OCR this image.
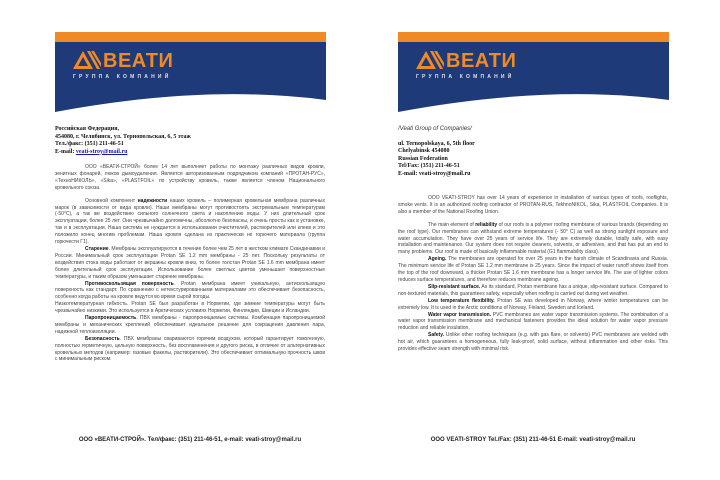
ВЕАТИ
ГРУППА КОМПАНИЙ
Российская Федерация,
454080, г. Челябинск, ул. Тернопольская, 6, 5 этаж
Тел./факс: (351) 211-46-51
E-mail: veati-stroy@mail.ru

ООО «ВЕАТИ-СТРОЙ» более 14 лет выполняет работы по монтажу различных видов кровли, зенитных фонарей, люков дымоудаления. Является авторизованным подрядчиком компаний «ПРОТАН-РУС», «ТехноНИКОЛЬ», «Sika», «PLASTFOIL» по устройству кровель, также является членом Национального кровельного союза.

Основной компонент надежности наших кровель – полимерная кровельная мембрана различных марок (в зависимости от вида кровли). Наши мембраны могут противостоять экстремальным температурам (-50°C), а так же воздействию сильного солнечного света и накоплению воды. У них длительный срок эксплуатации, более 25 лет. Они чрезвычайно долговечны, абсолютно безопасны, и очень просты как в установке, так и в эксплуатации. Наша система не нуждается в использовании очистителей, растворителей или клеев и это положило конец многим проблемам. Наша кровля сделана из практически не горючего материала (группа горючести Г1).

Старение. Мембраны эксплуатируются в течение более чем 25 лет в жестком климате Скандинавии и России. Минимальный срок эксплуатации Protan SE 1.2 mm мембраны - 25 лет. Поскольку результаты от воздействия стока воды работают от вершины кровли вниз, то более толстая Protan SE 1.6 mm мембрана имеет более длительный срок эксплуатации. Использование более светлых цветов уменьшает поверхностные температуры, и таким образом уменьшает старение мембраны.

Противоскользящая поверхность. Protan мембрана имеет уникальную, антискользящую поверхность как стандарт. По сравнению с нетекстурированными материалами это обеспечивает безопасность, особенно когда работы на кровле ведутся во время сырой погоды.

Низкотемпературная гибкость. Protan SE был разработан в Норвегии, где зимние температуры могут быть чрезвычайно низкими. Это используется в Арктических условиях Норвегии, Финляндии, Швеции и Исландии.

Паропроницаемость. ПВХ мембраны - паропроницаемые системы. Комбинация паропроницаемой мембраны и механических креплений обеспечивает идеальное решение для сокращения давления пара, надежной теплоизоляции.

Безопасность. ПВХ мембраны свариваются горячим воздухом, который гарантирует гомогенную, полностью герметичную, цельную поверхность, без воспламенения и другого риска, в отличие от альтернативных кровельных методов (например: газовые факелы, растворители). Это обеспечивает оптимальную прочность швов с минимальным риском.

ООО «ВЕАТИ-СТРОЙ». Тел/факс: (351) 211-46-51, e-mail: veati-stroy@mail.ru
ВЕАТИ
ГРУППА КОМПАНИЙ
/Veati Group of Companies/
ul. Ternopolskaya, 6, 5th floor
Chelyabinsk 454080
Russian Federation
Tel/Fax: (351) 211-46-51
E-mail: veati-stroy@mail.ru

OOO VEATI-STROY has over 14 years of experience in installation of various types of roofs, rooflights, smoke vents. It is an authorized roofing contractor of PROTAN-RUS, TekhnoNIKOL, Sika, PLASTFOIL Companies. It is also a member of the National Roofing Union.

The main element of reliability of our roofs is a polymer roofing membrane of various brands (depending on the roof type). Our membranes can withstand extreme temperatures (- 50° C) as well as strong sunlight exposure and water accumulation. They have over 25 years of service life. They are extremely durable, totally safe, with easy installation and maintenance. Our system does not require cleaners, solvents, or adhesives, and that has put an end to many problems. Our roof is made of basically inflammable material (G1 flammability class).

Ageing. The membranes are operated for over 25 years in the harsh climate of Scandinavia and Russia. The minimum service life of Protan SE 1.2 mm membrane is 25 years. Since the impact of water runoff shows itself from the top of the roof downward, a thicker Protan SE 1.6 mm membrane has a longer service life. The use of lighter colors reduces surface temperatures, and therefore reduces membrane ageing.

Slip-resistant surface. As its standard, Protan membrane has a unique, slip-resistant surface. Compared to non-textured materials, this guarantees safety, especially when roofing is carried out during wet weather.

Low temperature flexibility. Protan SE was developed in Norway, where winter temperatures can be extremely low. It is used in the Arctic conditions of Norway, Finland, Sweden and Iceland.

Water vapor transmission. PVC membranes are water vapor transmission systems. The combination of a water vapor transmission membrane and mechanical fasteners provides the ideal solution for water vapor pressure reduction and reliable insulation.

Safety. Unlike other roofing techniques (e.g. with gas flare, or solvents) PVC membranes are welded with hot air, which guarantees a homogeneous, fully leak-proof, solid surface, without inflammation and other risks. This provides effective seam strength with minimal risk.

OOO VEATI-STROY Tel./Fax: (351) 211-46-51 E-mail: veati-stroy@mail.ru
